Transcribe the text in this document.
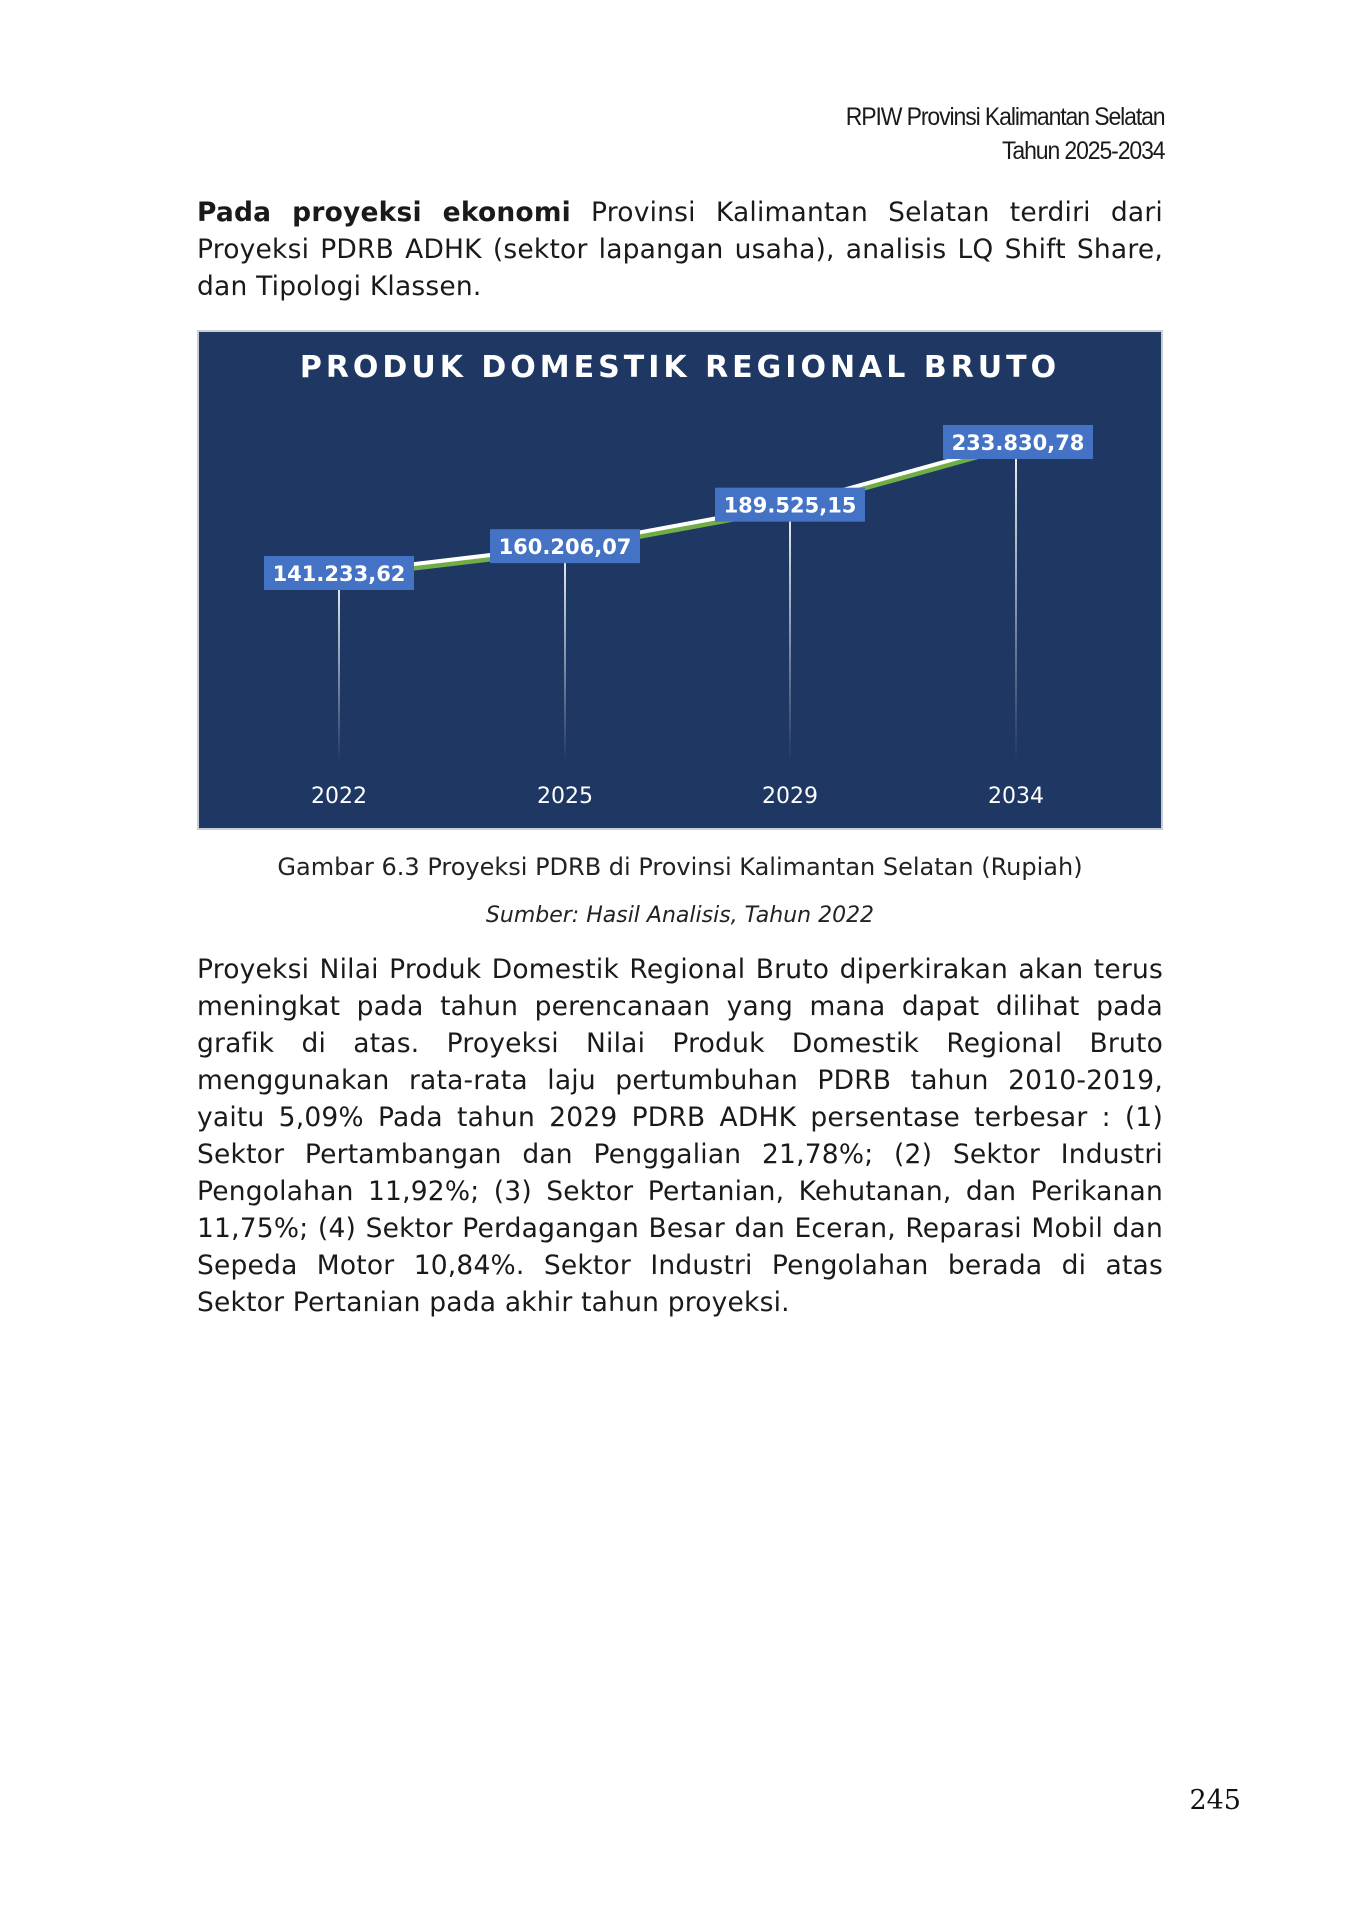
RPIW Provinsi Kalimantan Selatan
Tahun 2025-2034
Pada proyeksi ekonomi Provinsi Kalimantan Selatan terdiri dari Proyeksi PDRB ADHK (sektor lapangan usaha), analisis LQ Shift Share, dan Tipologi Klassen.
PRODUK DOMESTIK REGIONAL BRUTO
141.233,62
160.206,07
189.525,15
233.830,78
2022	2025	2029	2034
Gambar 6.3 Proyeksi PDRB di Provinsi Kalimantan Selatan (Rupiah)
Sumber: Hasil Analisis, Tahun 2022
Proyeksi Nilai Produk Domestik Regional Bruto diperkirakan akan terus meningkat pada tahun perencanaan yang mana dapat dilihat pada grafik di atas. Proyeksi Nilai Produk Domestik Regional Bruto menggunakan rata-rata laju pertumbuhan PDRB tahun 2010-2019, yaitu 5,09% Pada tahun 2029 PDRB ADHK persentase terbesar : (1) Sektor Pertambangan dan Penggalian 21,78%; (2) Sektor Industri Pengolahan 11,92%; (3) Sektor Pertanian, Kehutanan, dan Perikanan 11,75%; (4) Sektor Perdagangan Besar dan Eceran, Reparasi Mobil dan Sepeda Motor 10,84%. Sektor Industri Pengolahan berada di atas Sektor Pertanian pada akhir tahun proyeksi.
245
